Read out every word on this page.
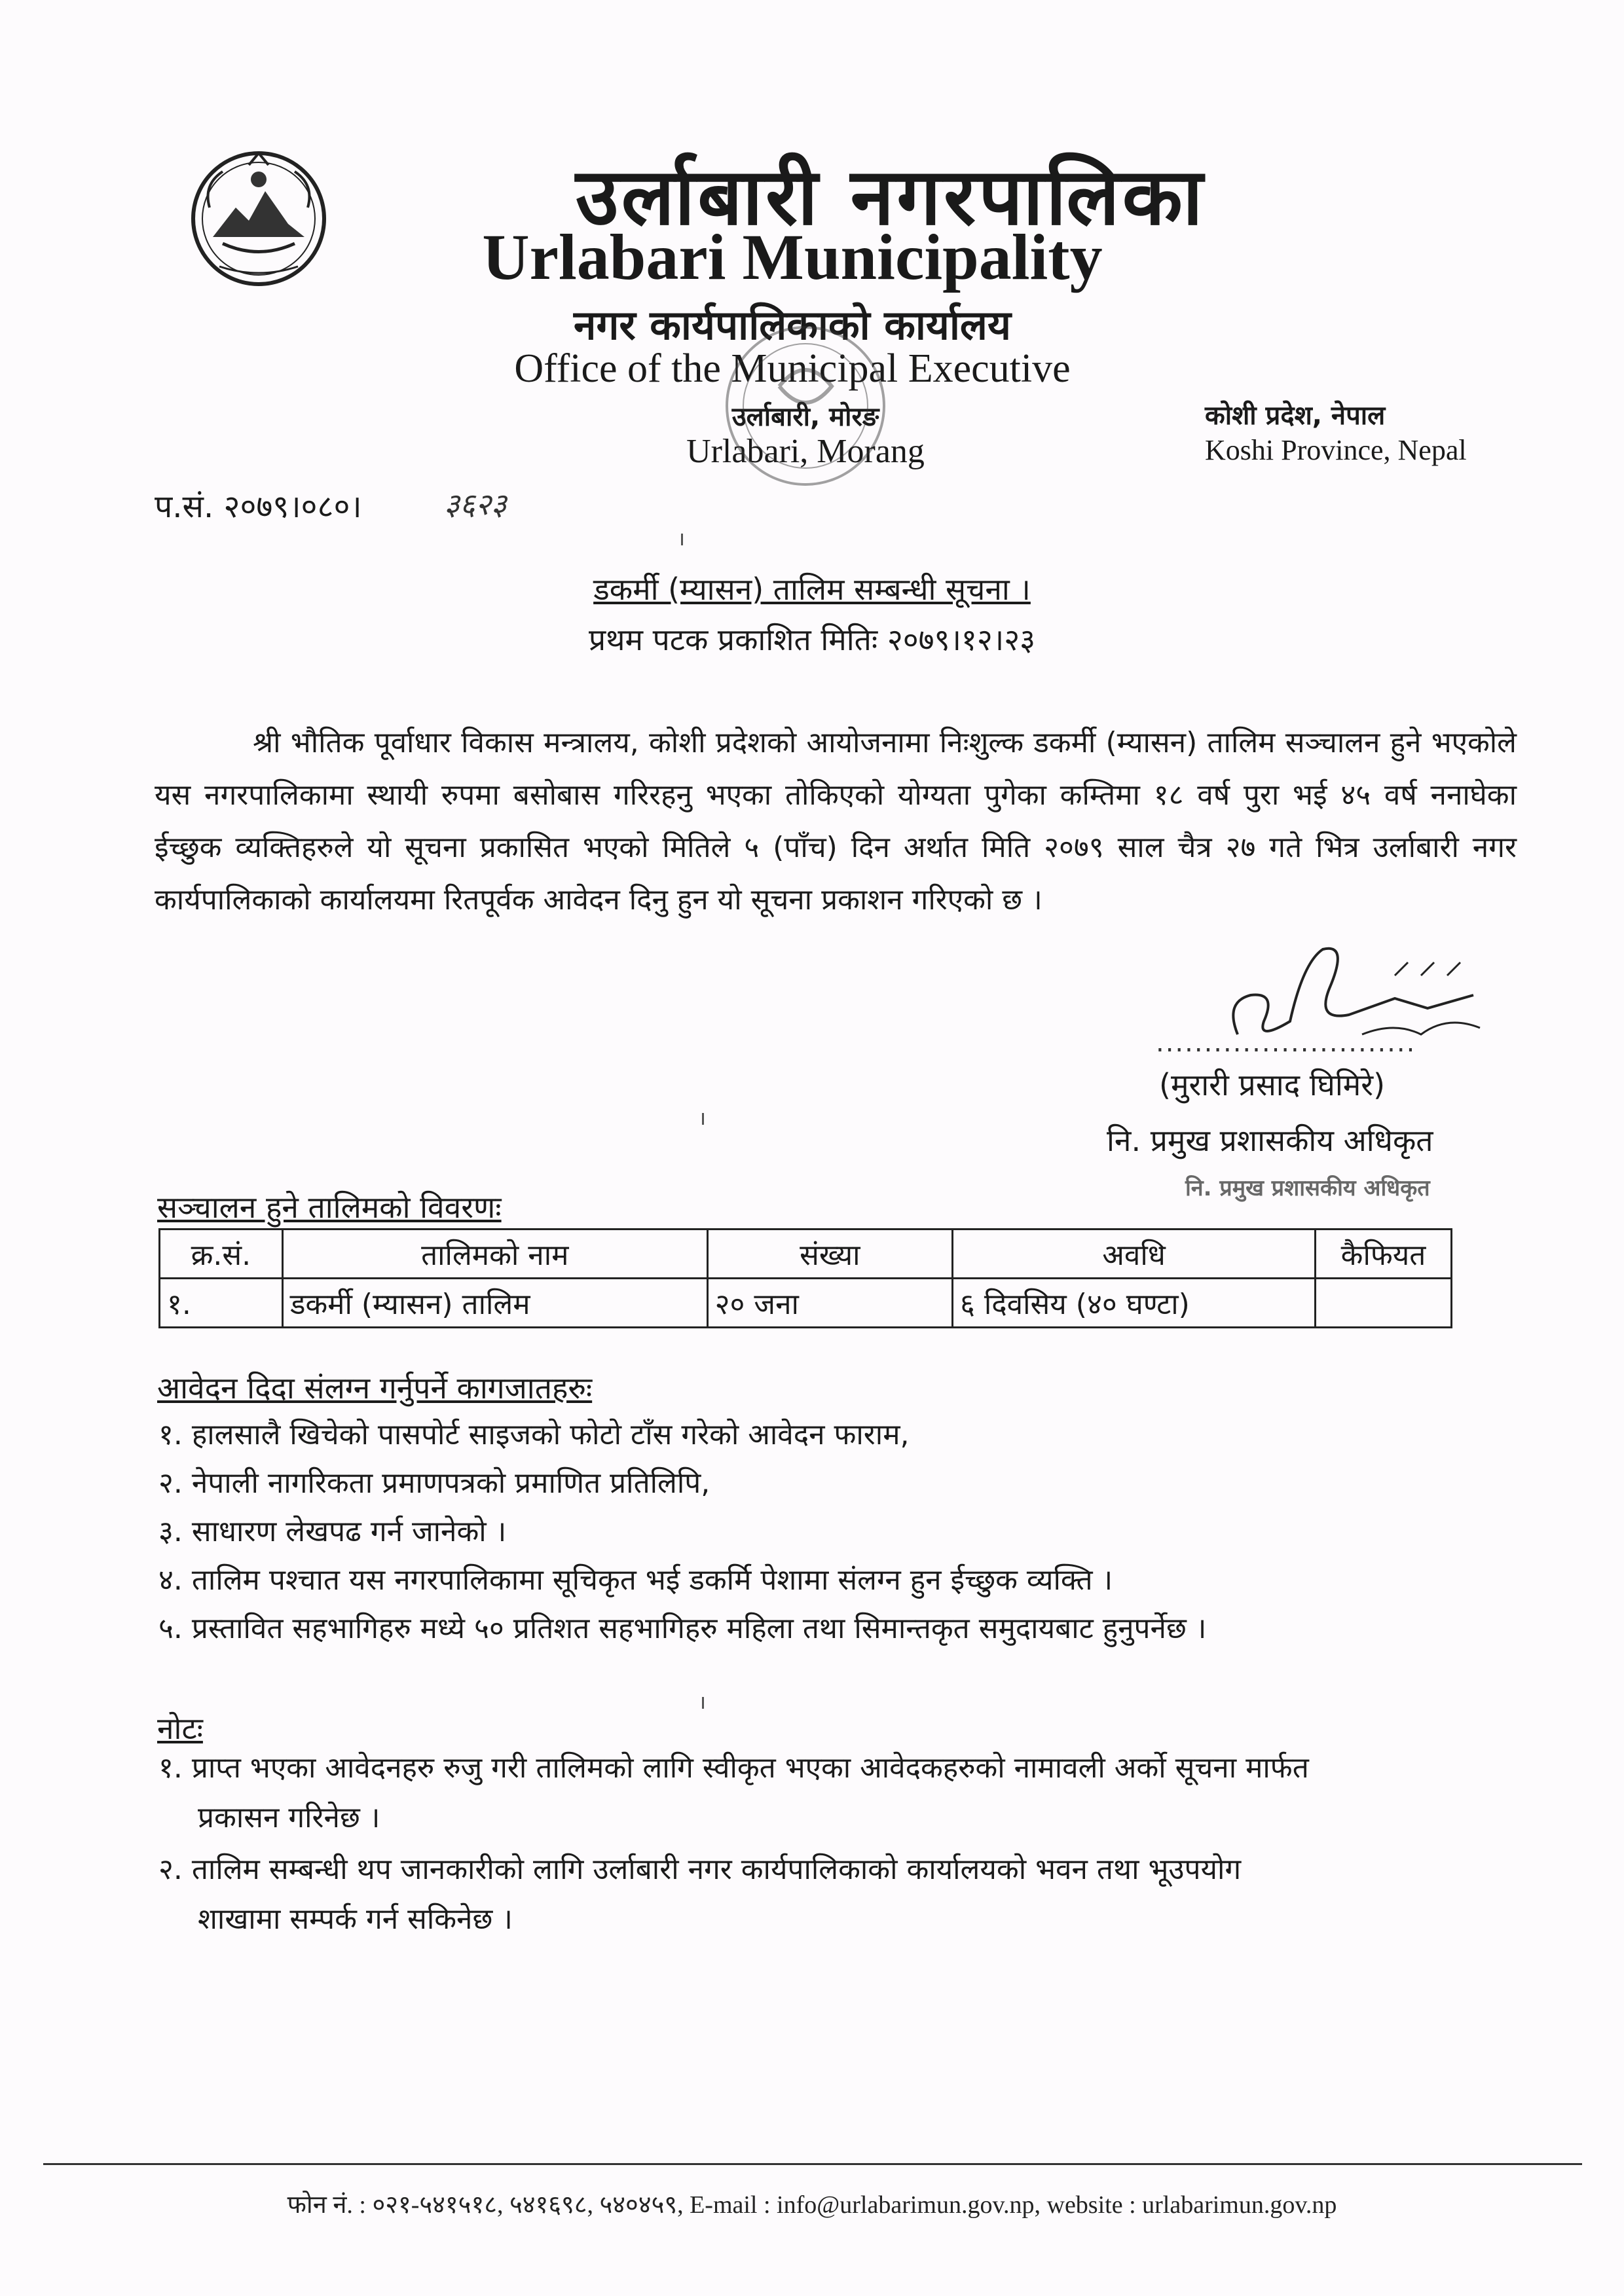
उर्लाबारी नगरपालिका
Urlabari Municipality
नगर कार्यपालिकाको कार्यालय
Office of the Municipal Executive
उर्लाबारी, मोरङ
Urlabari, Morang
कोशी प्रदेश, नेपाल
Koshi Province, Nepal
प.सं. २०७९।०८०।	३६२३
डकर्मी (म्यासन) तालिम सम्बन्धी सूचना ।
प्रथम पटक प्रकाशित मितिः २०७९।१२।२३
श्री भौतिक पूर्वाधार विकास मन्त्रालय, कोशी प्रदेशको आयोजनामा निःशुल्क डकर्मी (म्यासन) तालिम सञ्चालन हुने भएकोले यस नगरपालिकामा स्थायी रुपमा बसोबास गरिरहनु भएका तोकिएको योग्यता पुगेका कम्तिमा १८ वर्ष पुरा भई ४५ वर्ष ननाघेका ईच्छुक व्यक्तिहरुले यो सूचना प्रकासित भएको मितिले ५ (पाँच) दिन अर्थात मिति २०७९ साल चैत्र २७ गते भित्र उर्लाबारी नगर कार्यपालिकाको कार्यालयमा रितपूर्वक आवेदन दिनु हुन यो सूचना प्रकाशन गरिएको छ ।
...........................
(मुरारी प्रसाद घिमिरे)
नि. प्रमुख प्रशासकीय अधिकृत
नि. प्रमुख प्रशासकीय अधिकृत
सञ्चालन हुने तालिमको विवरणः
क्र.सं.	तालिमको नाम	संख्या	अवधि	कैफियत
१.	डकर्मी (म्यासन) तालिम	२० जना	६ दिवसिय (४० घण्टा)	
आवेदन दिदा संलग्न गर्नुपर्ने कागजातहरुः
१. हालसालै खिचेको पासपोर्ट साइजको फोटो टाँस गरेको आवेदन फाराम,
२. नेपाली नागरिकता प्रमाणपत्रको प्रमाणित प्रतिलिपि,
३. साधारण लेखपढ गर्न जानेको ।
४. तालिम पश्चात यस नगरपालिकामा सूचिकृत भई डकर्मि पेशामा संलग्न हुन ईच्छुक व्यक्ति ।
५. प्रस्तावित सहभागिहरु मध्ये ५० प्रतिशत सहभागिहरु महिला तथा सिमान्तकृत समुदायबाट हुनुपर्नेछ ।
नोटः
१. प्राप्त भएका आवेदनहरु रुजु गरी तालिमको लागि स्वीकृत भएका आवेदकहरुको नामावली अर्को सूचना मार्फत
प्रकासन गरिनेछ ।
२. तालिम सम्बन्धी थप जानकारीको लागि उर्लाबारी नगर कार्यपालिकाको कार्यालयको भवन तथा भूउपयोग
शाखामा सम्पर्क गर्न सकिनेछ ।
फोन नं. : ०२१-५४१५१८, ५४१६९८, ५४०४५९, E-mail : info@urlabarimun.gov.np, website : urlabarimun.gov.np
